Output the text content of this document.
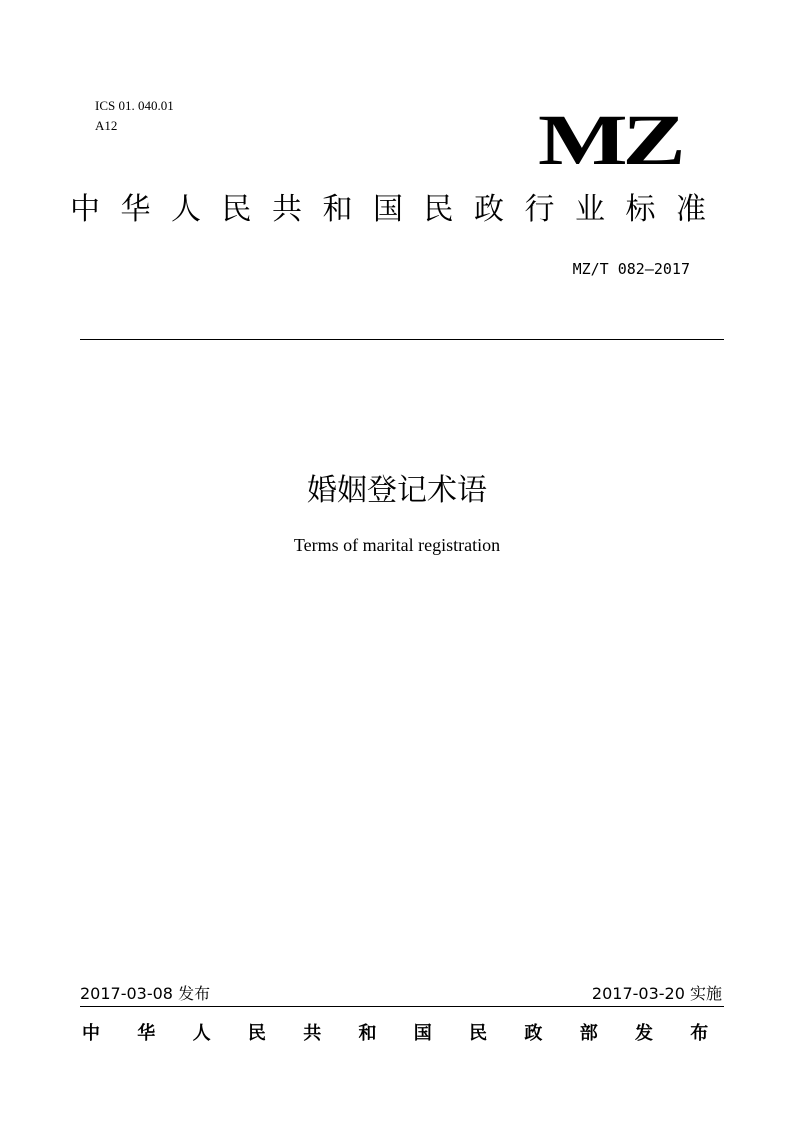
ICS 01. 040.01
A12	MZ
中华人民共和国民政行业标准
MZ/T 082—2017
婚姻登记术语
Terms of marital registration
2017-03-08 发布	2017-03-20 实施
中华人民共和国民政部发布
